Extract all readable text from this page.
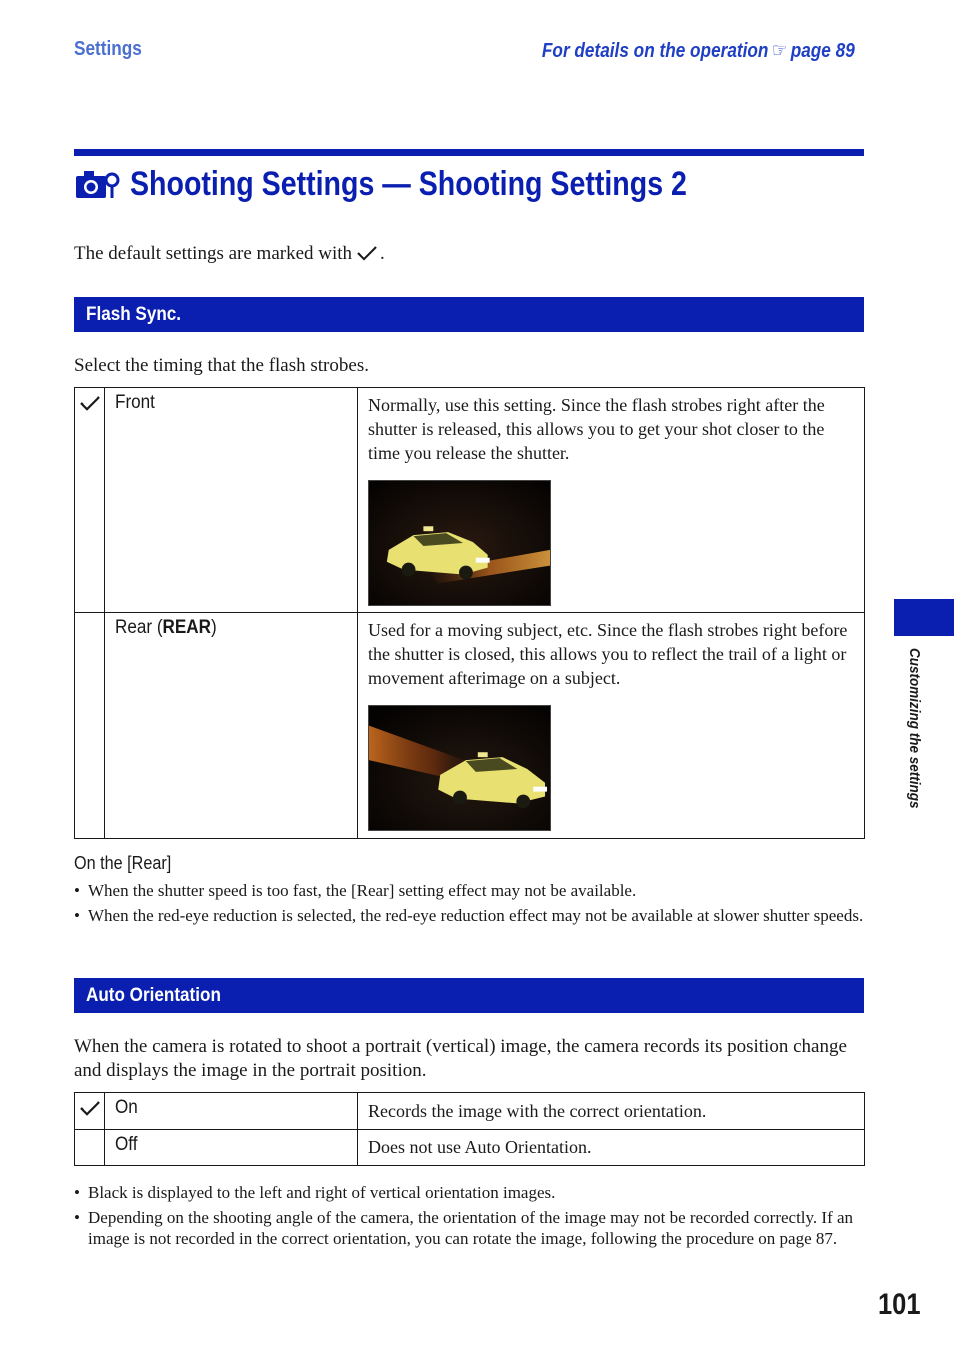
Settings	For details on the operation ☞ page 89
Shooting Settings — Shooting Settings 2
The default settings are marked with .
Flash Sync.
Select the timing that the flash strobes.
	Front	Normally, use this setting. Since the flash strobes right after the shutter is released, this allows you to get your shot closer to the time you release the shutter.

	Rear (REAR)	Used for a moving subject, etc. Since the flash strobes right before the shutter is closed, this allows you to reflect the trail of a light or movement afterimage on a subject.
On the [Rear]
• When the shutter speed is too fast, the [Rear] setting effect may not be available.
• When the red-eye reduction is selected, the red-eye reduction effect may not be available at slower shutter speeds.
Auto Orientation
When the camera is rotated to shoot a portrait (vertical) image, the camera records its position change and displays the image in the portrait position.
	On	Records the image with the correct orientation.
	Off	Does not use Auto Orientation.
• Black is displayed to the left and right of vertical orientation images.
• Depending on the shooting angle of the camera, the orientation of the image may not be recorded correctly. If an image is not recorded in the correct orientation, you can rotate the image, following the procedure on page 87.
Customizing the settings
101
